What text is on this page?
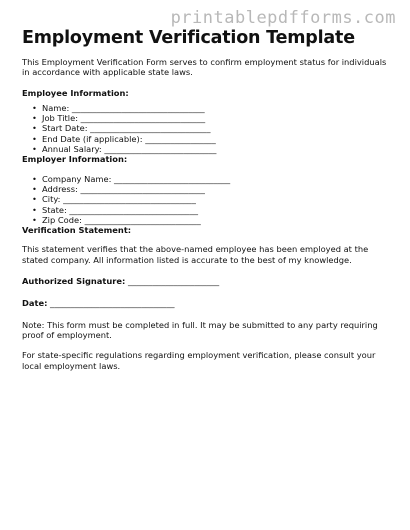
printablepdfforms.com
Employment Verification Template

This Employment Verification Form serves to confirm employment status for individuals in accordance with applicable state laws.

Employee Information:

• Name: ________________________________
• Job Title: ______________________________
• Start Date: _____________________________
• End Date (if applicable): _________________
• Annual Salary: ___________________________

Employer Information:

• Company Name: ____________________________
• Address: ______________________________
• City: ________________________________
• State: _______________________________
• Zip Code: ____________________________

Verification Statement:

This statement verifies that the above-named employee has been employed at the stated company. All information listed is accurate to the best of my knowledge.

Authorized Signature: ______________________

Date: ______________________________

Note: This form must be completed in full. It may be submitted to any party requiring proof of employment.

For state-specific regulations regarding employment verification, please consult your local employment laws.
